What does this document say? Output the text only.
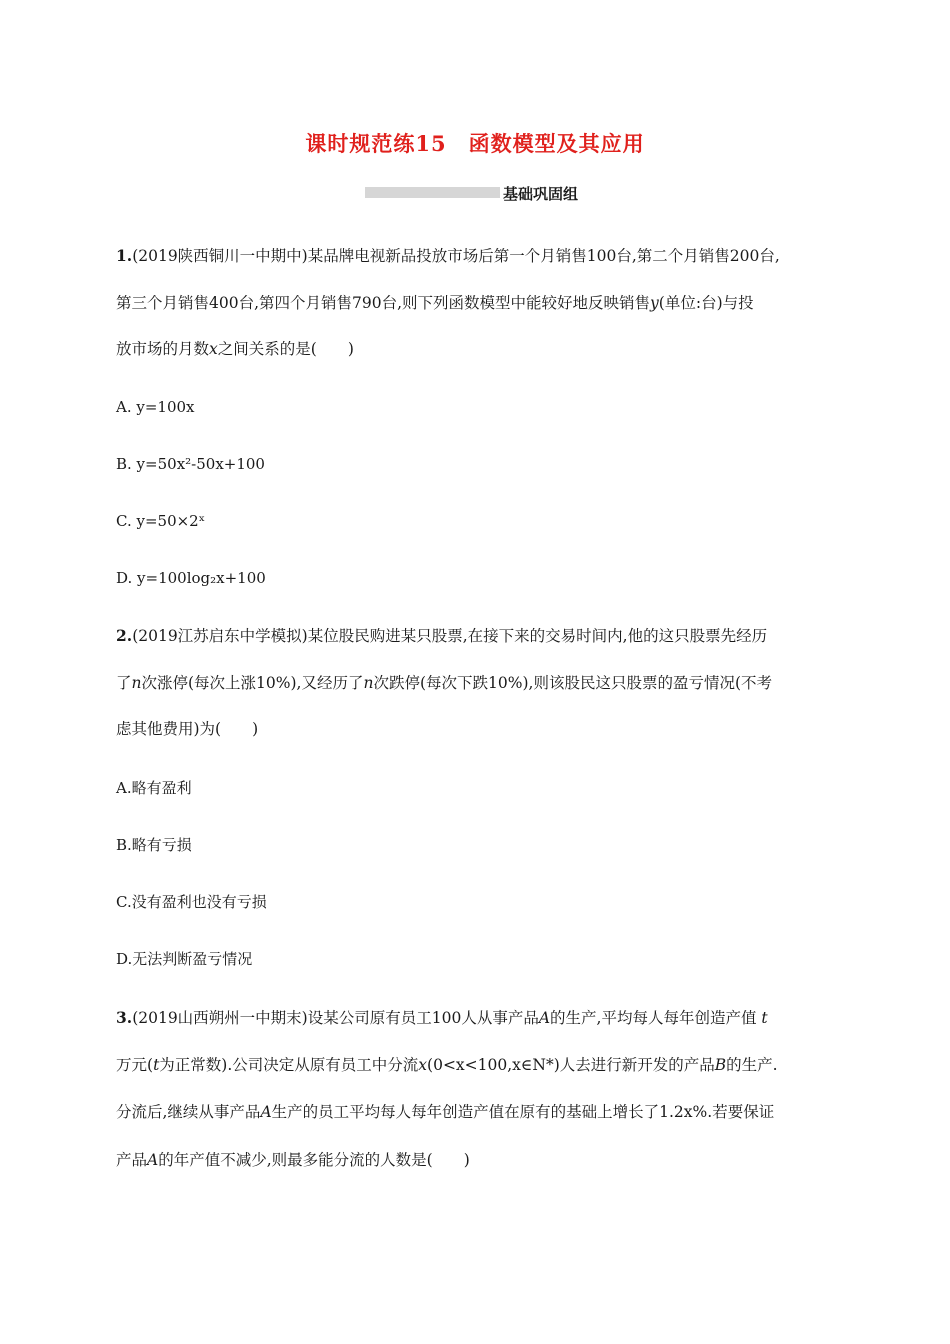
课时规范练15　函数模型及其应用
基础巩固组
1.(2019陕西铜川一中期中)某品牌电视新品投放市场后第一个月销售100台,第二个月销售200台,
第三个月销售400台,第四个月销售790台,则下列函数模型中能较好地反映销售y(单位:台)与投
放市场的月数x之间关系的是(　　)
A. y=100x
B. y=50x²-50x+100
C. y=50×2ˣ
D. y=100log₂x+100
2.(2019江苏启东中学模拟)某位股民购进某只股票,在接下来的交易时间内,他的这只股票先经历
了n次涨停(每次上涨10%),又经历了n次跌停(每次下跌10%),则该股民这只股票的盈亏情况(不考
虑其他费用)为(　　)
A.略有盈利
B.略有亏损
C.没有盈利也没有亏损
D.无法判断盈亏情况
3.(2019山西朔州一中期末)设某公司原有员工100人从事产品A的生产,平均每人每年创造产值 t
万元(t为正常数).公司决定从原有员工中分流x(0<x<100,x∈N*)人去进行新开发的产品B的生产.
分流后,继续从事产品A生产的员工平均每人每年创造产值在原有的基础上增长了1.2x%.若要保证
产品A的年产值不减少,则最多能分流的人数是(　　)
